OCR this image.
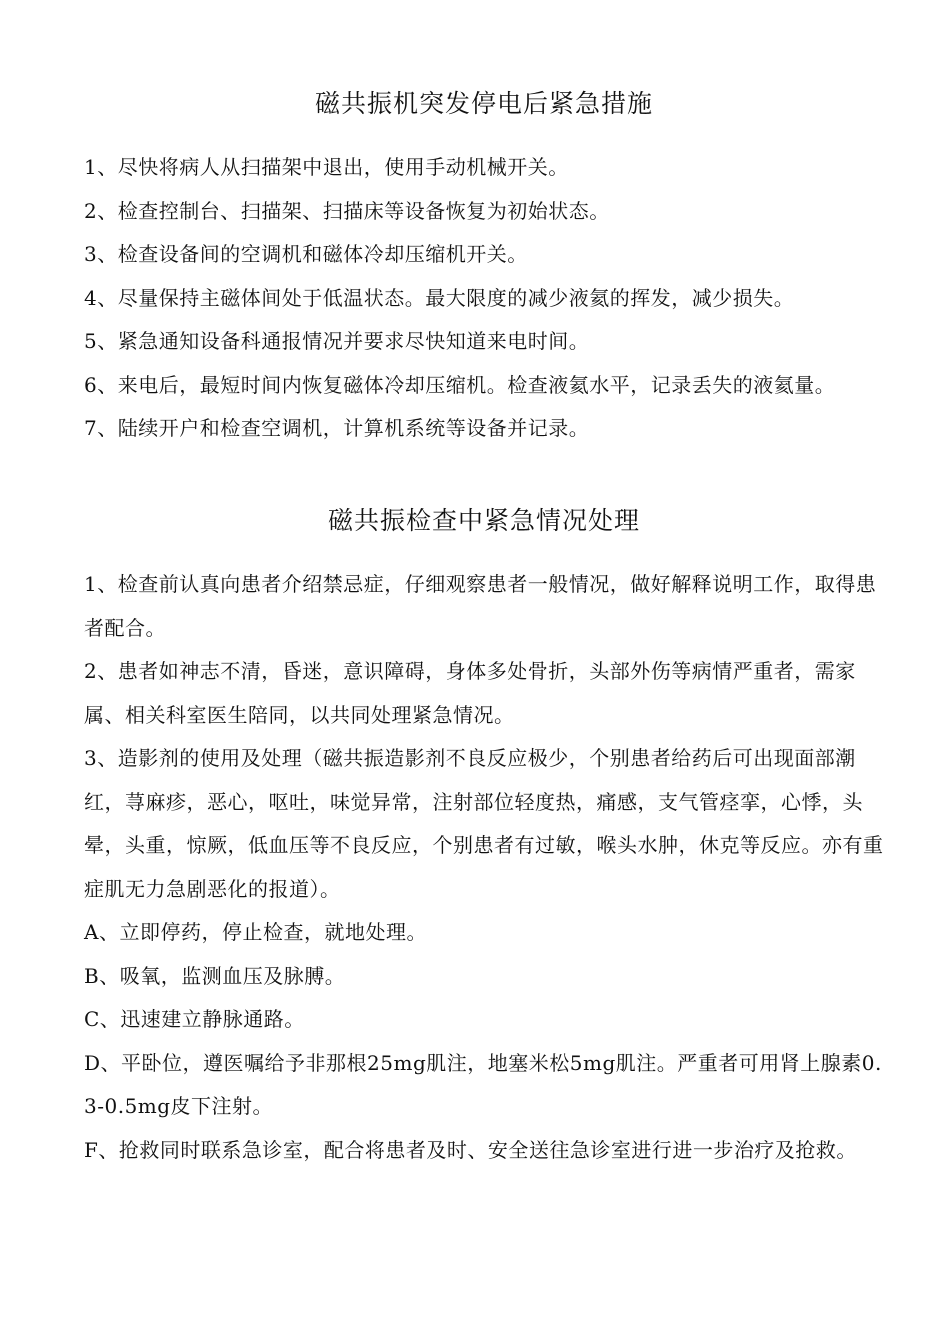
磁共振机突发停电后紧急措施

1、尽快将病人从扫描架中退出，使用手动机械开关。

2、检查控制台、扫描架、扫描床等设备恢复为初始状态。

3、检查设备间的空调机和磁体冷却压缩机开关。

4、尽量保持主磁体间处于低温状态。最大限度的减少液氦的挥发，减少损失。

5、紧急通知设备科通报情况并要求尽快知道来电时间。

6、来电后，最短时间内恢复磁体冷却压缩机。检查液氦水平，记录丢失的液氦量。

7、陆续开户和检查空调机，计算机系统等设备并记录。

磁共振检查中紧急情况处理

1、检查前认真向患者介绍禁忌症，仔细观察患者一般情况，做好解释说明工作，取得患者配合。

2、患者如神志不清，昏迷，意识障碍，身体多处骨折，头部外伤等病情严重者，需家属、相关科室医生陪同，以共同处理紧急情况。

3、造影剂的使用及处理（磁共振造影剂不良反应极少，个别患者给药后可出现面部潮红，荨麻疹，恶心，呕吐，味觉异常，注射部位轻度热，痛感，支气管痉挛，心悸，头晕，头重，惊厥，低血压等不良反应，个别患者有过敏，喉头水肿，休克等反应。亦有重症肌无力急剧恶化的报道）。

A、立即停药，停止检查，就地处理。

B、吸氧，监测血压及脉膊。

C、迅速建立静脉通路。

D、平卧位，遵医嘱给予非那根25mg肌注，地塞米松5mg肌注。严重者可用肾上腺素0.3-0.5mg皮下注射。

F、抢救同时联系急诊室，配合将患者及时、安全送往急诊室进行进一步治疗及抢救。
